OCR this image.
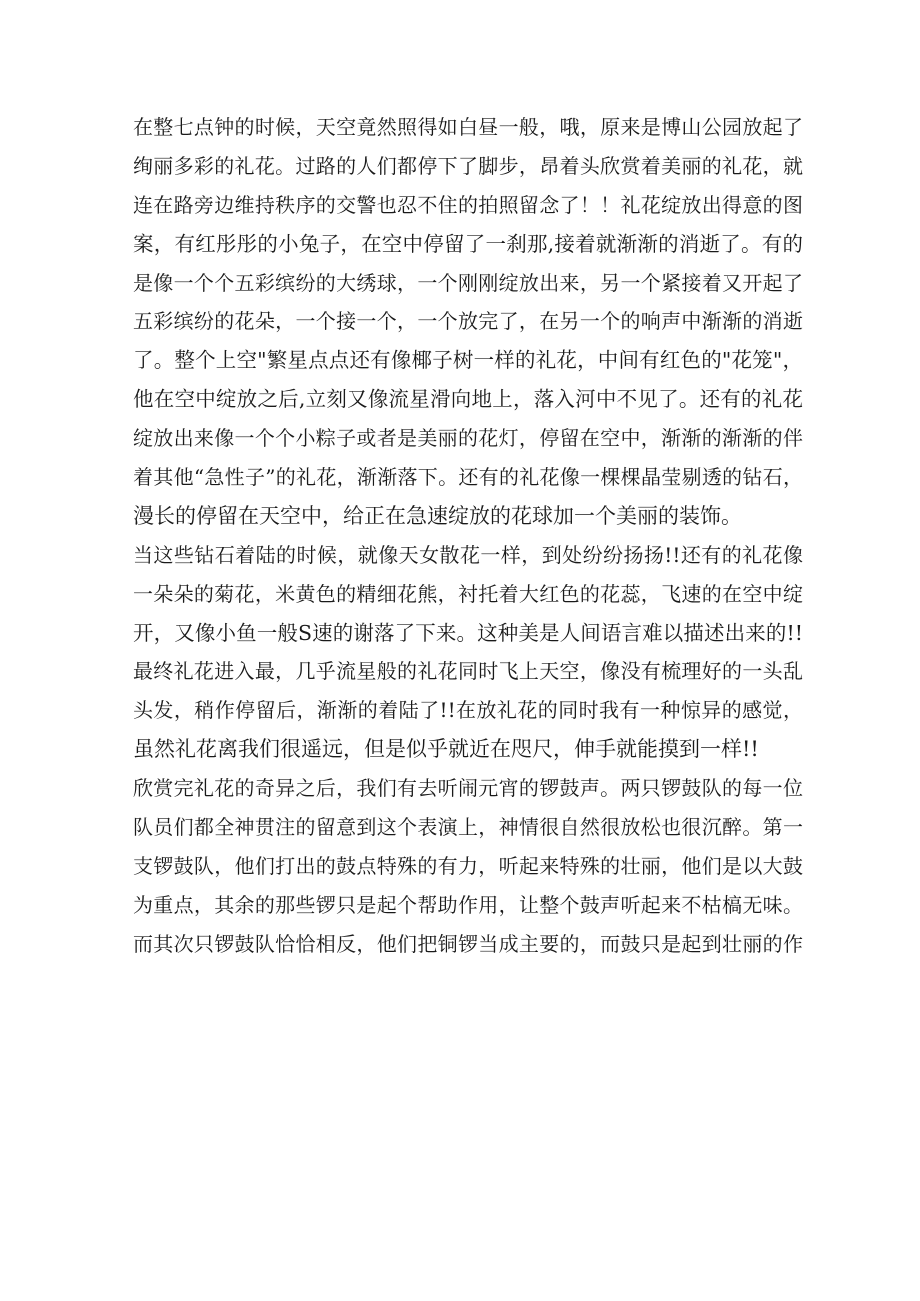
在整七点钟的时候，天空竟然照得如白昼一般，哦，原来是博山公园放起了
绚丽多彩的礼花。过路的人们都停下了脚步，昂着头欣赏着美丽的礼花，就
连在路旁边维持秩序的交警也忍不住的拍照留念了！！礼花绽放出得意的图
案，有红彤彤的小兔子，在空中停留了一刹那,接着就渐渐的消逝了。有的
是像一个个五彩缤纷的大绣球，一个刚刚绽放出来，另一个紧接着又开起了
五彩缤纷的花朵，一个接一个，一个放完了，在另一个的响声中渐渐的消逝
了。整个上空"繁星点点还有像椰子树一样的礼花，中间有红色的"花笼"，
他在空中绽放之后,立刻又像流星滑向地上，落入河中不见了。还有的礼花
绽放出来像一个个小粽子或者是美丽的花灯，停留在空中，渐渐的渐渐的伴
着其他“急性子”的礼花，渐渐落下。还有的礼花像一棵棵晶莹剔透的钻石，
漫长的停留在天空中，给正在急速绽放的花球加一个美丽的装饰。
当这些钻石着陆的时候，就像天女散花一样，到处纷纷扬扬!!还有的礼花像
一朵朵的菊花，米黄色的精细花熊，衬托着大红色的花蕊，飞速的在空中绽
开，又像小鱼一般S速的谢落了下来。这种美是人间语言难以描述出来的!!
最终礼花进入最，几乎流星般的礼花同时飞上天空，像没有梳理好的一头乱
头发，稍作停留后，渐渐的着陆了!!在放礼花的同时我有一种惊异的感觉，
虽然礼花离我们很遥远，但是似乎就近在咫尺，伸手就能摸到一样!!
欣赏完礼花的奇异之后，我们有去听闹元宵的锣鼓声。两只锣鼓队的每一位
队员们都全神贯注的留意到这个表演上，神情很自然很放松也很沉醉。第一
支锣鼓队，他们打出的鼓点特殊的有力，听起来特殊的壮丽，他们是以大鼓
为重点，其余的那些锣只是起个帮助作用，让整个鼓声听起来不枯槁无味。
而其次只锣鼓队恰恰相反，他们把铜锣当成主要的，而鼓只是起到壮丽的作
